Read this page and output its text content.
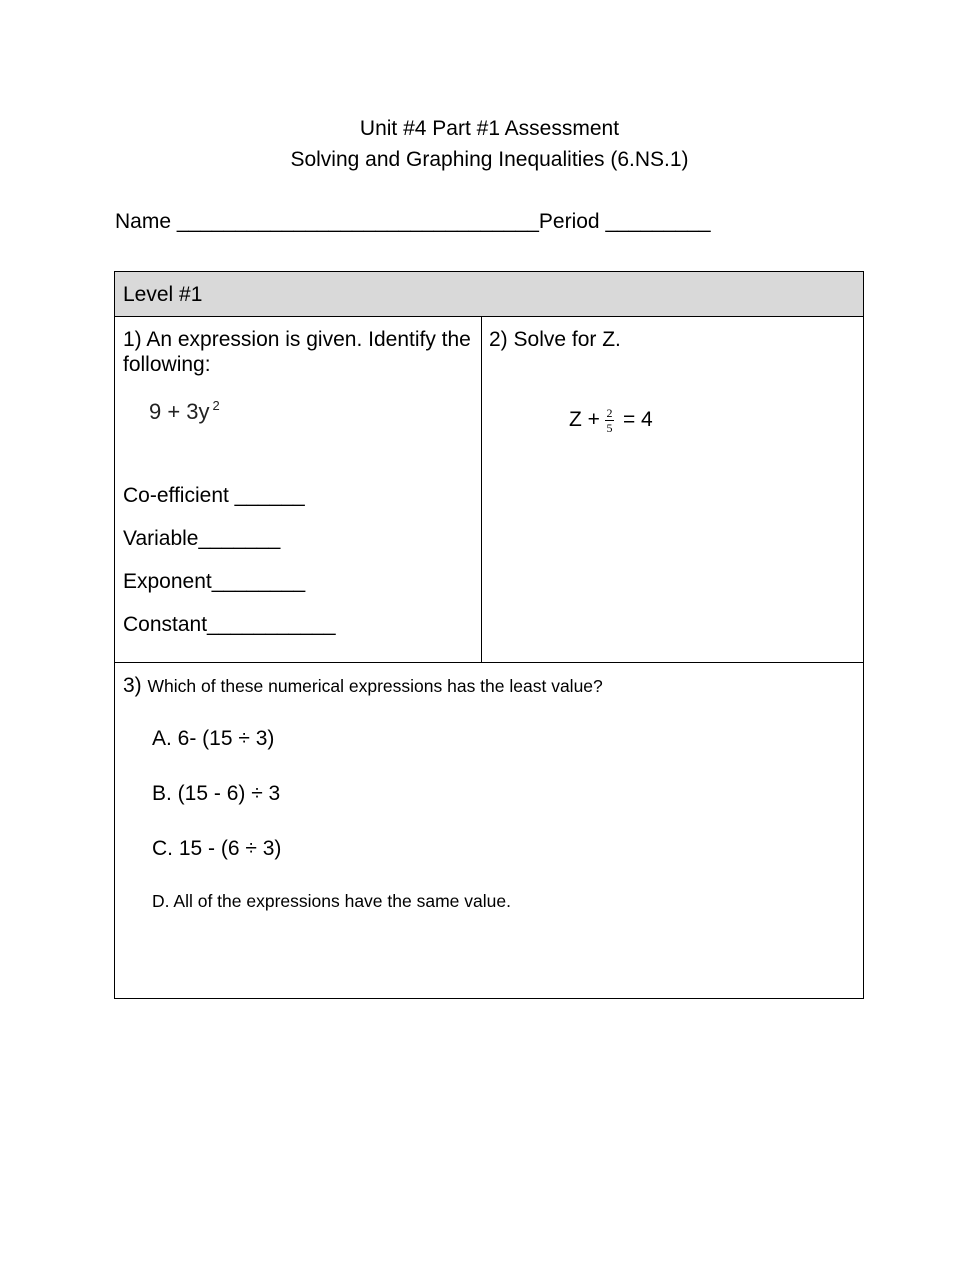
Unit #4 Part #1 Assessment
Solving and Graphing Inequalities (6.NS.1)
Name _______________________________Period _________
Level #1
1) An expression is given. Identify the following:
9 + 3y $^2$
Co-efficient ______
Variable_______
Exponent________
Constant___________
2) Solve for Z.
$Z + \frac{2}{5} = 4$
3) Which of these numerical expressions has the least value?
A. 6- (15 ÷ 3)
B. (15 - 6) ÷ 3
C. 15 - (6 ÷ 3)
D. All of the expressions have the same value.
